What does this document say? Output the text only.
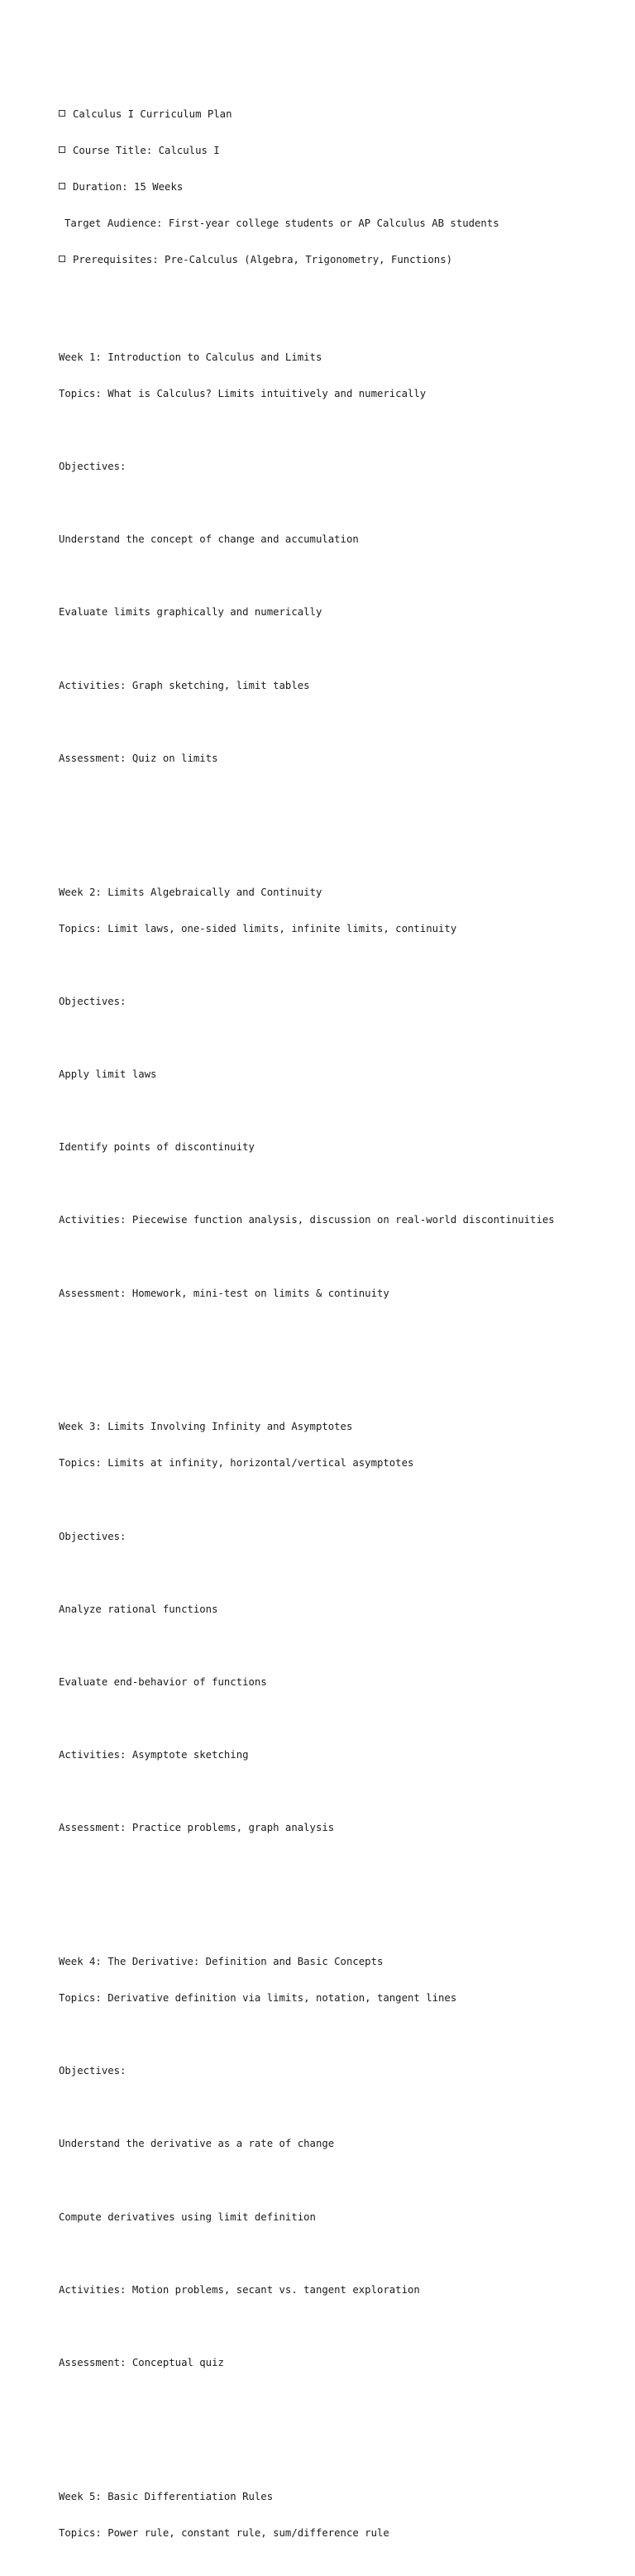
Calculus I Curriculum Plan

Course Title: Calculus I

Duration: 15 Weeks

Target Audience: First-year college students or AP Calculus AB students

Prerequisites: Pre-Calculus (Algebra, Trigonometry, Functions)

Week 1: Introduction to Calculus and Limits

Topics: What is Calculus? Limits intuitively and numerically

Objectives:

Understand the concept of change and accumulation

Evaluate limits graphically and numerically

Activities: Graph sketching, limit tables

Assessment: Quiz on limits

Week 2: Limits Algebraically and Continuity

Topics: Limit laws, one-sided limits, infinite limits, continuity

Objectives:

Apply limit laws

Identify points of discontinuity

Activities: Piecewise function analysis, discussion on real-world discontinuities

Assessment: Homework, mini-test on limits & continuity

Week 3: Limits Involving Infinity and Asymptotes

Topics: Limits at infinity, horizontal/vertical asymptotes

Objectives:

Analyze rational functions

Evaluate end-behavior of functions

Activities: Asymptote sketching

Assessment: Practice problems, graph analysis

Week 4: The Derivative: Definition and Basic Concepts

Topics: Derivative definition via limits, notation, tangent lines

Objectives:

Understand the derivative as a rate of change

Compute derivatives using limit definition

Activities: Motion problems, secant vs. tangent exploration

Assessment: Conceptual quiz

Week 5: Basic Differentiation Rules

Topics: Power rule, constant rule, sum/difference rule
